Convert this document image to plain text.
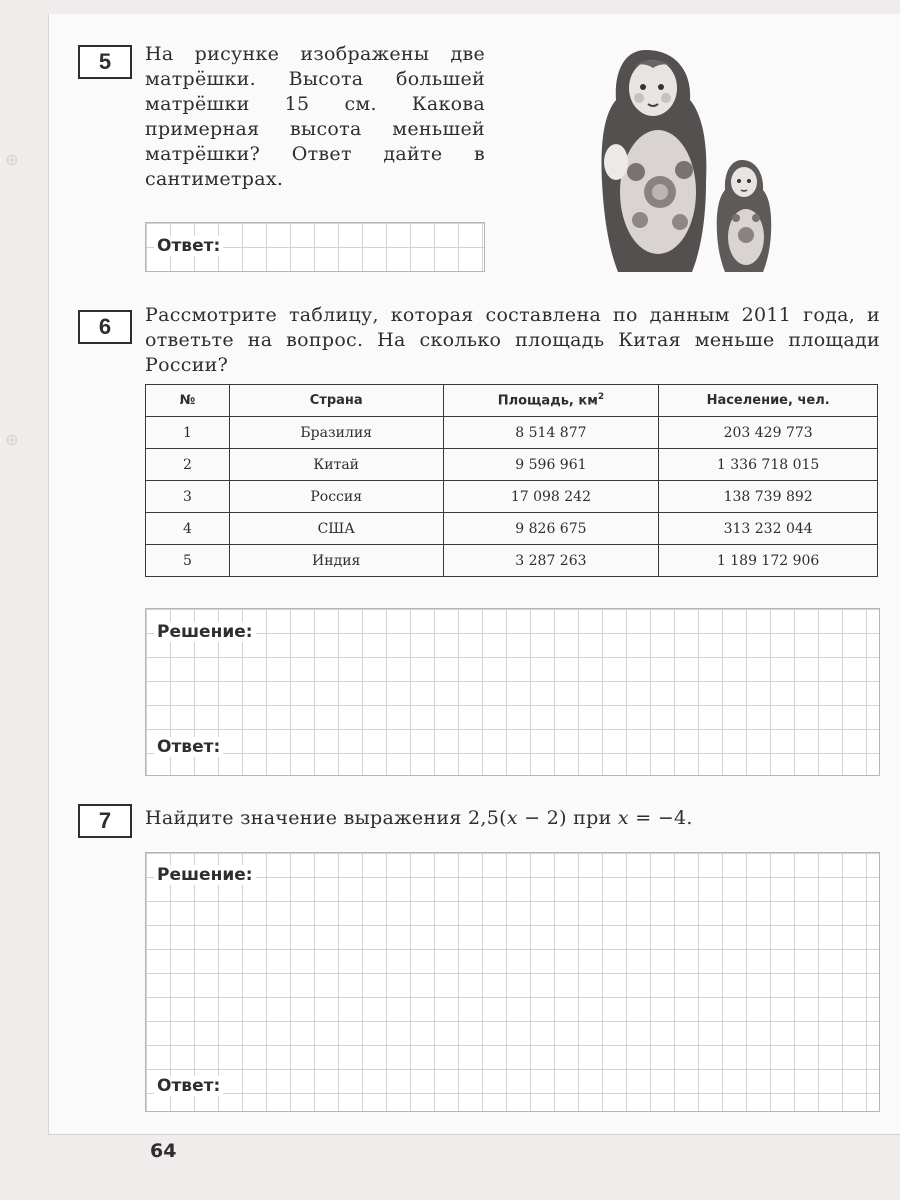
⊕
⊕
5	На рисунке изображены две матрёшки. Высота большей матрёшки 15 см. Какова примерная высота меньшей матрёшки? Ответ дайте в сантиметрах.
Ответ:
6	Рассмотрите таблицу, которая составлена по данным 2011 года, и ответьте на вопрос. На сколько площадь Китая меньше площади России?
№	Страна	Площадь, $км^2$	Население, чел.
1	Бразилия	8 514 877	203 429 773
2	Китай	9 596 961	1 336 718 015
3	Россия	17 098 242	138 739 892
4	США	9 826 675	313 232 044
5	Индия	3 287 263	1 189 172 906
Решение:
Ответ:
7	Найдите значение выражения 2,5(x − 2) при x = −4.
Решение:
Ответ:
64
